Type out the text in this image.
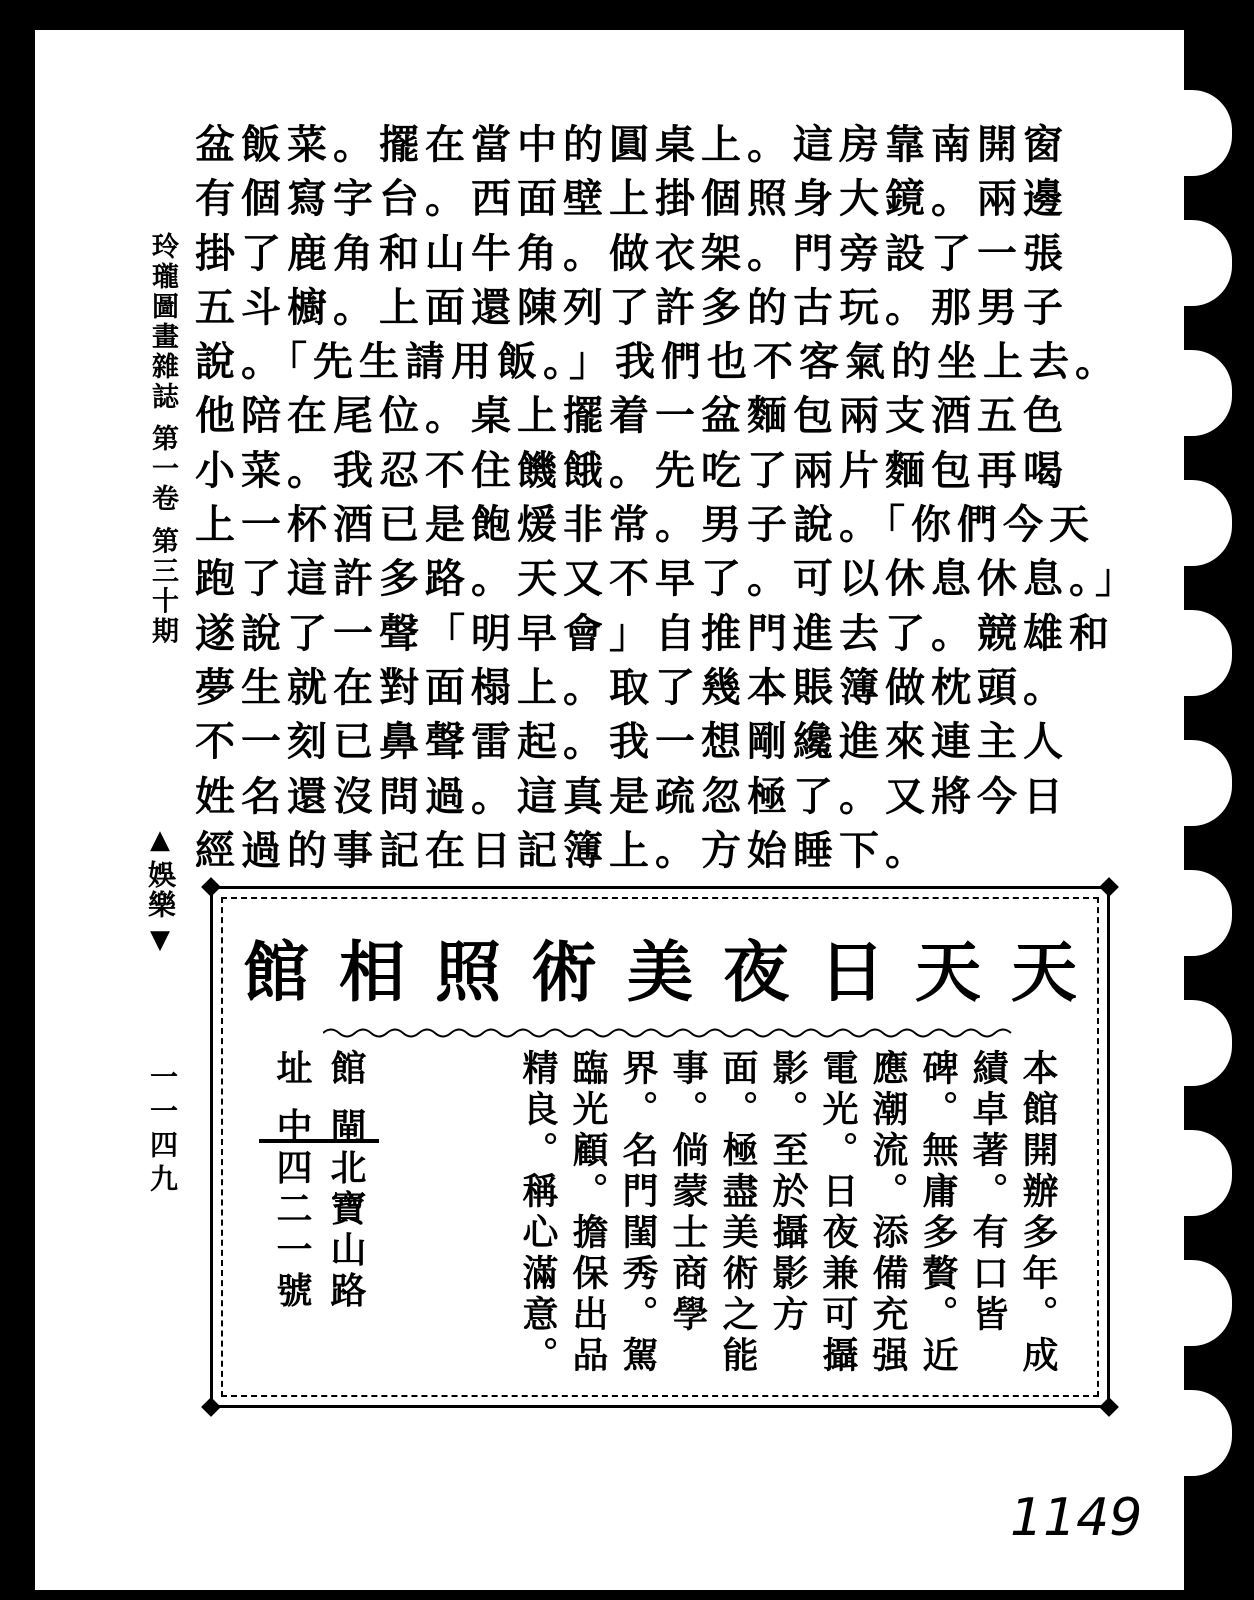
盆飯菜。擺在當中的圓桌上。這房靠南開窗
有個寫字台。西面壁上掛個照身大鏡。兩邊
掛了鹿角和山牛角。做衣架。門旁設了一張
五斗櫥。上面還陳列了許多的古玩。那男子
說。「先生請用飯。」我們也不客氣的坐上去。
他陪在尾位。桌上擺着一盆麵包兩支酒五色
小菜。我忍不住饑餓。先吃了兩片麵包再喝
上一杯酒已是飽煖非常。男子說。「你們今天
跑了這許多路。天又不早了。可以休息休息。」
遂說了一聲「明早會」自推門進去了。競雄和
夢生就在對面榻上。取了幾本賬簿做枕頭。
不一刻已鼻聲雷起。我一想剛纔進來連主人
姓名還沒問過。這真是疏忽極了。又將今日
經過的事記在日記簿上。方始睡下。
玲瓏圖畫雜誌 第一卷 第三十期
▲
娛樂
▼
一一四九
天天日夜美術照相館
本館開辦多年。成績卓著。有口皆碑。無庸多贅。近應潮流。添備充强電光。日夜兼可攝影。至於攝影方面。極盡美術之能事。倘蒙士商學界。名門閨秀。駕臨光顧。擔保出品精良。稱心滿意。
館 閘北寶山路 址 中四二一號
1149
